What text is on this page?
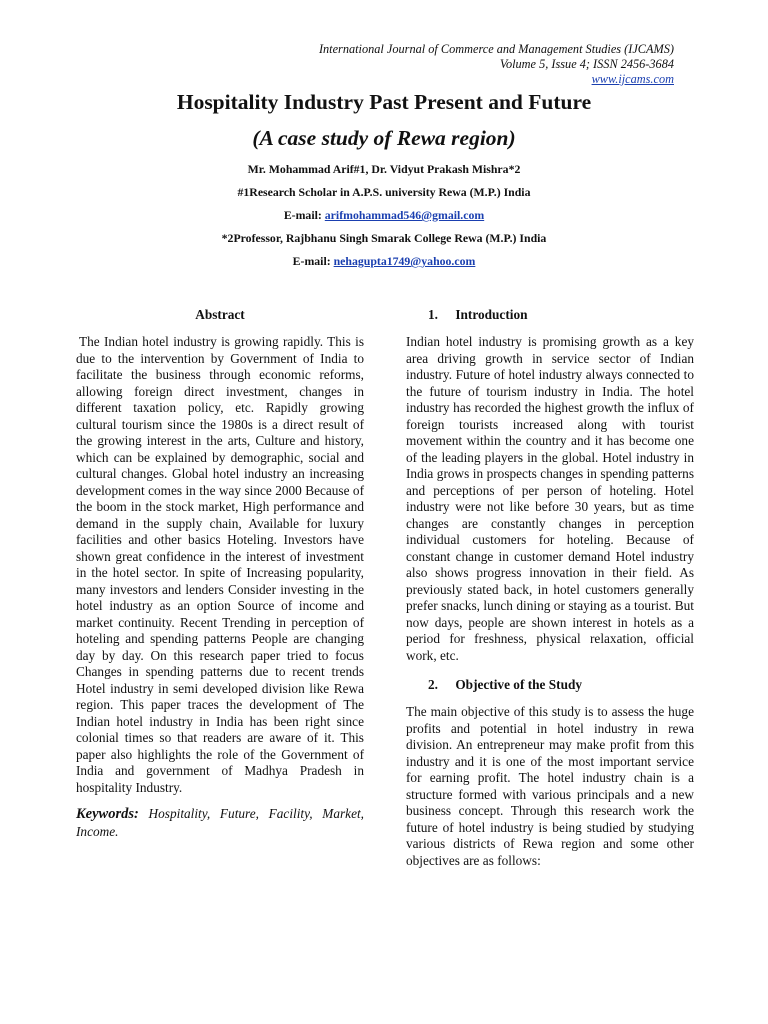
International Journal of Commerce and Management Studies (IJCAMS)
Volume 5, Issue 4; ISSN 2456-3684
www.ijcams.com
Hospitality Industry Past Present and Future
(A case study of Rewa region)

Mr. Mohammad Arif#1, Dr. Vidyut Prakash Mishra*2

#1Research Scholar in A.P.S. university Rewa (M.P.) India

E-mail: arifmohammad546@gmail.com

*2Professor, Rajbhanu Singh Smarak College Rewa (M.P.) India

E-mail: nehagupta1749@yahoo.com

Abstract

The Indian hotel industry is growing rapidly. This is due to the intervention by Government of India to facilitate the business through economic reforms, allowing foreign direct investment, changes in different taxation policy, etc. Rapidly growing cultural tourism since the 1980s is a direct result of the growing interest in the arts, Culture and history, which can be explained by demographic, social and cultural changes. Global hotel industry an increasing development comes in the way since 2000 Because of the boom in the stock market, High performance and demand in the supply chain, Available for luxury facilities and other basics Hoteling. Investors have shown great confidence in the interest of investment in the hotel sector. In spite of Increasing popularity, many investors and lenders Consider investing in the hotel industry as an option Source of income and market continuity. Recent Trending in perception of hoteling and spending patterns People are changing day by day. On this research paper tried to focus Changes in spending patterns due to recent trends Hotel industry in semi developed division like Rewa region. This paper traces the development of The Indian hotel industry in India has been right since colonial times so that readers are aware of it. This paper also highlights the role of the Government of India and government of Madhya Pradesh in hospitality Industry.

Keywords: Hospitality, Future, Facility, Market, Income.
1. Introduction

Indian hotel industry is promising growth as a key area driving growth in service sector of Indian industry. Future of hotel industry always connected to the future of tourism industry in India. The hotel industry has recorded the highest growth the influx of foreign tourists increased along with tourist movement within the country and it has become one of the leading players in the global. Hotel industry in India grows in prospects changes in spending patterns and perceptions of per person of hoteling. Hotel industry were not like before 30 years, but as time changes are constantly changes in perception individual customers for hoteling. Because of constant change in customer demand Hotel industry also shows progress innovation in their field. As previously stated back, in hotel customers generally prefer snacks, lunch dining or staying as a tourist. But now days, people are shown interest in hotels as a period for freshness, physical relaxation, official work, etc.

2. Objective of the Study

The main objective of this study is to assess the huge profits and potential in hotel industry in rewa division. An entrepreneur may make profit from this industry and it is one of the most important service for earning profit. The hotel industry chain is a structure formed with various principals and a new business concept. Through this research work the future of hotel industry is being studied by studying various districts of Rewa region and some other objectives are as follows:
